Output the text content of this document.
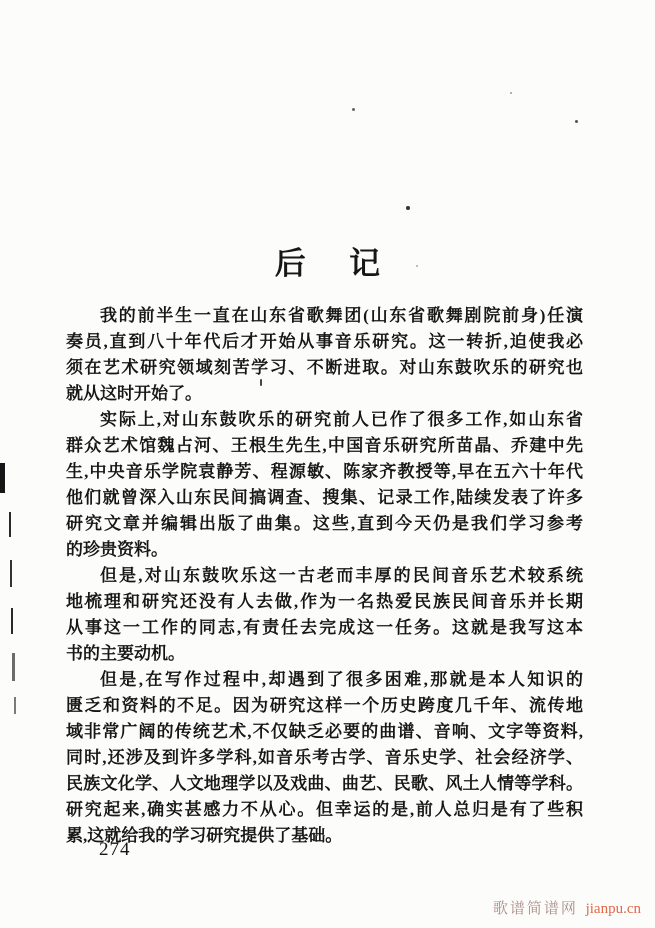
后记

我的前半生一直在山东省歌舞团(山东省歌舞剧院前身)任演
奏员,直到八十年代后才开始从事音乐研究。这一转折,迫使我必
须在艺术研究领域刻苦学习、不断进取。对山东鼓吹乐的研究也
就从这时开始了。

实际上,对山东鼓吹乐的研究前人已作了很多工作,如山东省
群众艺术馆魏占河、王根生先生,中国音乐研究所苗晶、乔建中先
生,中央音乐学院袁静芳、程源敏、陈家齐教授等,早在五六十年代
他们就曾深入山东民间搞调查、搜集、记录工作,陆续发表了许多
研究文章并编辑出版了曲集。这些,直到今天仍是我们学习参考
的珍贵资料。

但是,对山东鼓吹乐这一古老而丰厚的民间音乐艺术较系统
地梳理和研究还没有人去做,作为一名热爱民族民间音乐并长期
从事这一工作的同志,有责任去完成这一任务。这就是我写这本
书的主要动机。

但是,在写作过程中,却遇到了很多困难,那就是本人知识的
匮乏和资料的不足。因为研究这样一个历史跨度几千年、流传地
域非常广阔的传统艺术,不仅缺乏必要的曲谱、音响、文字等资料,
同时,还涉及到许多学科,如音乐考古学、音乐史学、社会经济学、
民族文化学、人文地理学以及戏曲、曲艺、民歌、风土人情等学科。
研究起来,确实甚感力不从心。但幸运的是,前人总归是有了些积
累,这就给我的学习研究提供了基础。

274
歌谱简谱网 jianpu.cn
